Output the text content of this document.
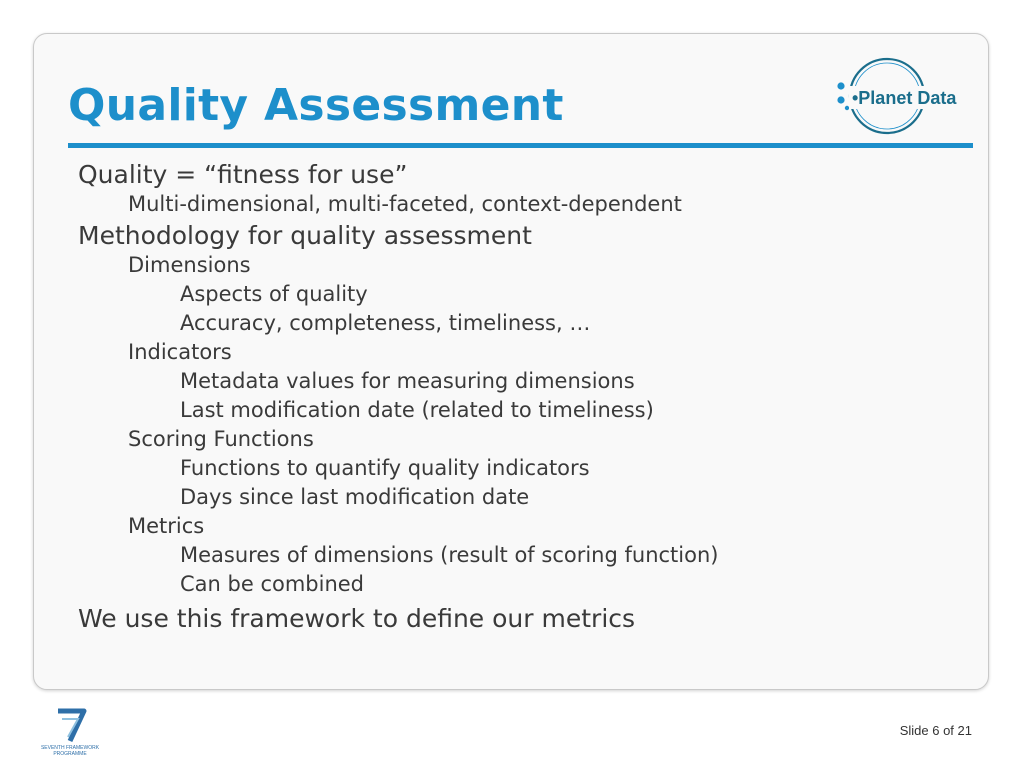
Quality Assessment	•Planet Data
Quality = “fitness for use”
Multi-dimensional, multi-faceted, context-dependent
Methodology for quality assessment
Dimensions
Aspects of quality
Accuracy, completeness, timeliness, …
Indicators
Metadata values for measuring dimensions
Last modification date (related to timeliness)
Scoring Functions
Functions to quantify quality indicators
Days since last modification date
Metrics
Measures of dimensions (result of scoring function)
Can be combined
We use this framework to define our metrics
SEVENTH FRAMEWORK
PROGRAMME
Slide 6 of 21
